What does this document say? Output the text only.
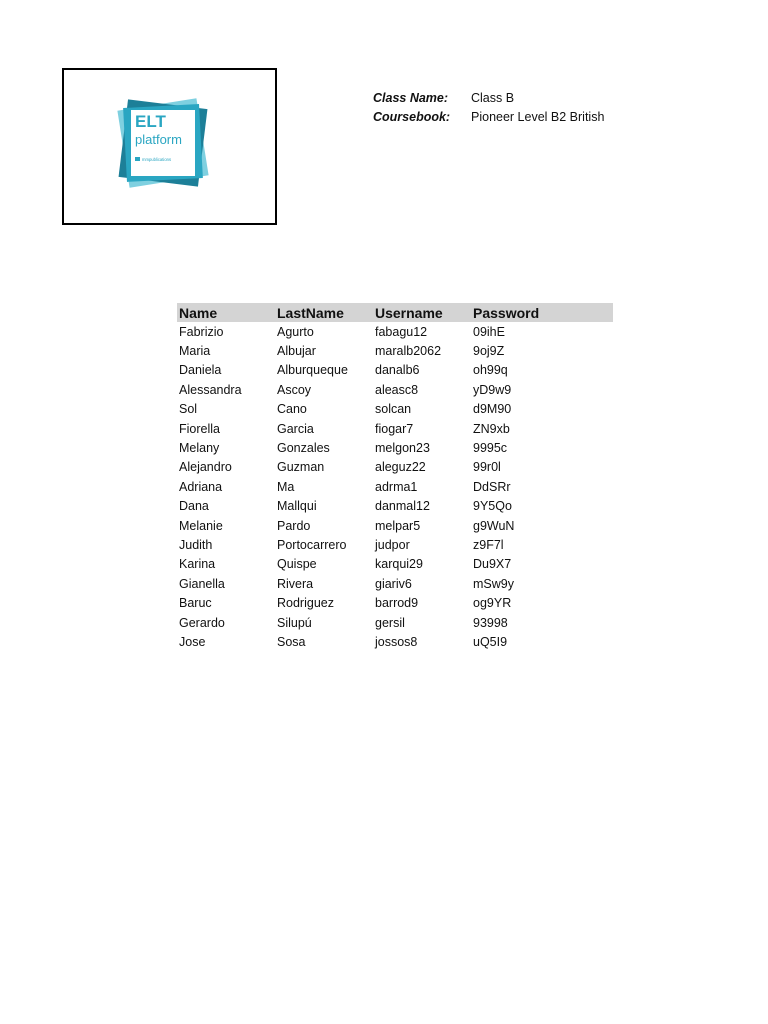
ELT
platform
mmpublications
Class Name:	Class B
Coursebook:	Pioneer Level B2 British
Name	LastName	Username	Password
Fabrizio	Agurto	fabagu12	09ihE
Maria	Albujar	maralb2062	9oj9Z
Daniela	Alburqueque	danalb6	oh99q
Alessandra	Ascoy	aleasc8	yD9w9
Sol	Cano	solcan	d9M90
Fiorella	Garcia	fiogar7	ZN9xb
Melany	Gonzales	melgon23	9995c
Alejandro	Guzman	aleguz22	99r0l
Adriana	Ma	adrma1	DdSRr
Dana	Mallqui	danmal12	9Y5Qo
Melanie	Pardo	melpar5	g9WuN
Judith	Portocarrero	judpor	z9F7l
Karina	Quispe	karqui29	Du9X7
Gianella	Rivera	giariv6	mSw9y
Baruc	Rodriguez	barrod9	og9YR
Gerardo	Silupú	gersil	93998
Jose	Sosa	jossos8	uQ5I9
